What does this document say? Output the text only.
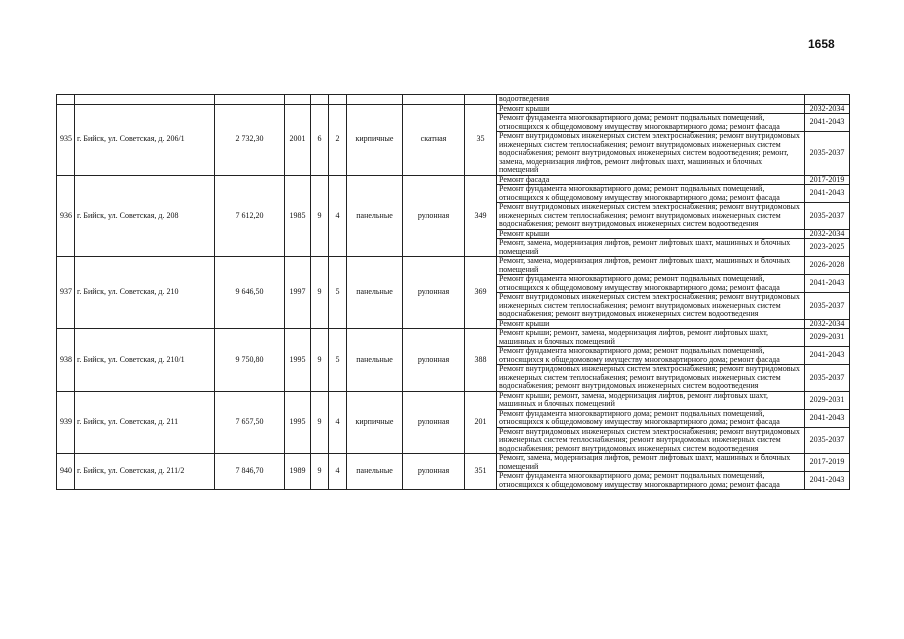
1658
									водоотведения	
935	г. Бийск, ул. Советская, д. 206/1	2 732,30	2001	6	2	кирпичные	скатная	35	Ремонт крыши	2032-2034
									Ремонт фундамента многоквартирного дома; ремонт подвальных помещений, относящихся к общедомовому имуществу многоквартирного дома; ремонт фасада	2041-2043
									Ремонт внутридомовых инженерных систем электроснабжения; ремонт внутридомовых инженерных систем теплоснабжения; ремонт внутридомовых инженерных систем водоснабжения; ремонт внутридомовых инженерных систем водоотведения; ремонт, замена, модернизация лифтов, ремонт лифтовых шахт, машинных и блочных помещений	2035-2037
936	г. Бийск, ул. Советская, д. 208	7 612,20	1985	9	4	панельные	рулонная	349	Ремонт фасада	2017-2019
									Ремонт фундамента многоквартирного дома; ремонт подвальных помещений, относящихся к общедомовому имуществу многоквартирного дома; ремонт фасада	2041-2043
									Ремонт внутридомовых инженерных систем электроснабжения; ремонт внутридомовых инженерных систем теплоснабжения; ремонт внутридомовых инженерных систем водоснабжения; ремонт внутридомовых инженерных систем водоотведения	2035-2037
									Ремонт крыши	2032-2034
									Ремонт, замена, модернизация лифтов, ремонт лифтовых шахт, машинных и блочных помещений	2023-2025
937	г. Бийск, ул. Советская, д. 210	9 646,50	1997	9	5	панельные	рулонная	369	Ремонт, замена, модернизация лифтов, ремонт лифтовых шахт, машинных и блочных помещений	2026-2028
									Ремонт фундамента многоквартирного дома; ремонт подвальных помещений, относящихся к общедомовому имуществу многоквартирного дома; ремонт фасада	2041-2043
									Ремонт внутридомовых инженерных систем электроснабжения; ремонт внутридомовых инженерных систем теплоснабжения; ремонт внутридомовых инженерных систем водоснабжения; ремонт внутридомовых инженерных систем водоотведения	2035-2037
									Ремонт крыши	2032-2034
938	г. Бийск, ул. Советская, д. 210/1	9 750,80	1995	9	5	панельные	рулонная	388	Ремонт крыши; ремонт, замена, модернизация лифтов, ремонт лифтовых шахт, машинных и блочных помещений	2029-2031
									Ремонт фундамента многоквартирного дома; ремонт подвальных помещений, относящихся к общедомовому имуществу многоквартирного дома; ремонт фасада	2041-2043
									Ремонт внутридомовых инженерных систем электроснабжения; ремонт внутридомовых инженерных систем теплоснабжения; ремонт внутридомовых инженерных систем водоснабжения; ремонт внутридомовых инженерных систем водоотведения	2035-2037
939	г. Бийск, ул. Советская, д. 211	7 657,50	1995	9	4	кирпичные	рулонная	201	Ремонт крыши; ремонт, замена, модернизация лифтов, ремонт лифтовых шахт, машинных и блочных помещений	2029-2031
									Ремонт фундамента многоквартирного дома; ремонт подвальных помещений, относящихся к общедомовому имуществу многоквартирного дома; ремонт фасада	2041-2043
									Ремонт внутридомовых инженерных систем электроснабжения; ремонт внутридомовых инженерных систем теплоснабжения; ремонт внутридомовых инженерных систем водоснабжения; ремонт внутридомовых инженерных систем водоотведения	2035-2037
940	г. Бийск, ул. Советская, д. 211/2	7 846,70	1989	9	4	панельные	рулонная	351	Ремонт, замена, модернизация лифтов, ремонт лифтовых шахт, машинных и блочных помещений	2017-2019
									Ремонт фундамента многоквартирного дома; ремонт подвальных помещений, относящихся к общедомовому имуществу многоквартирного дома; ремонт фасада	2041-2043
